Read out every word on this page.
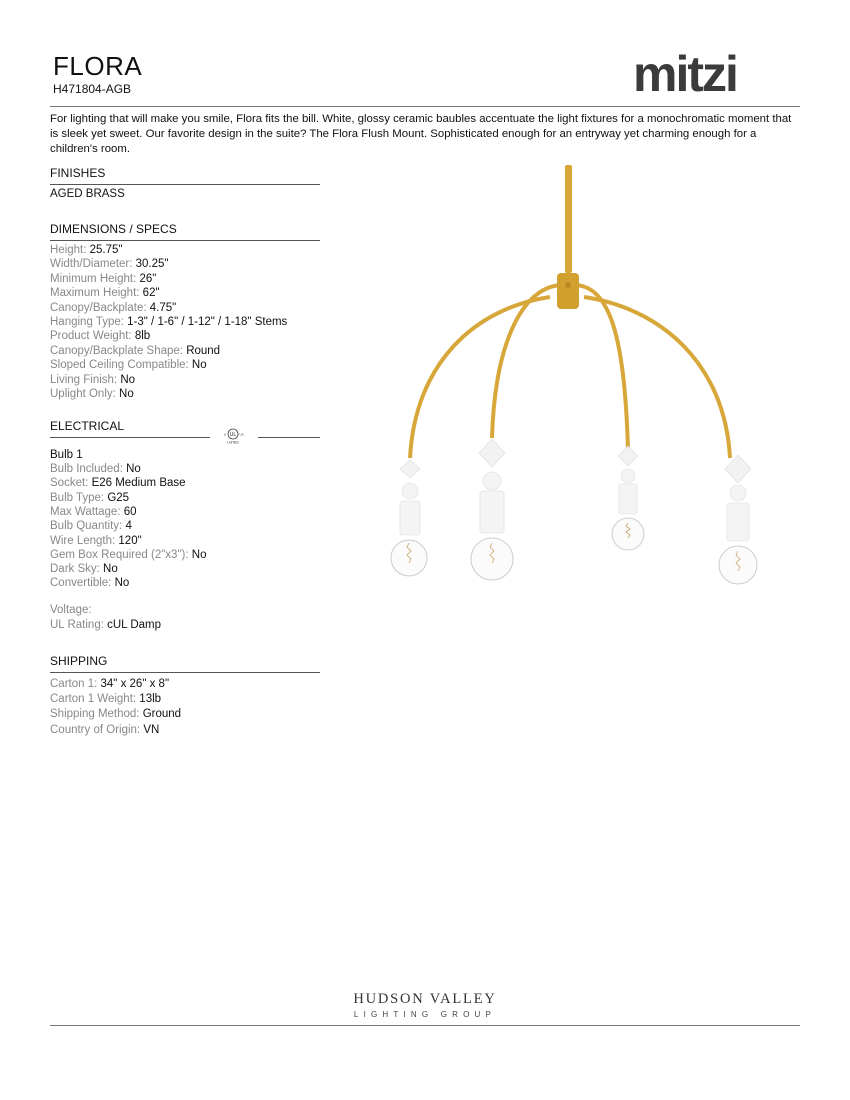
FLORA
H471804-AGB	mitzi
For lighting that will make you smile, Flora fits the bill. White, glossy ceramic baubles accentuate the light fixtures for a monochromatic moment that is sleek yet sweet. Our favorite design in the suite? The Flora Flush Mount. Sophisticated enough for an entryway yet charming enough for a children's room.
FINISHES
AGED BRASS
DIMENSIONS / SPECS
Height: 25.75"
Width/Diameter: 30.25"
Minimum Height: 26"
Maximum Height: 62"
Canopy/Backplate: 4.75"
Hanging Type: 1-3" / 1-6" / 1-12" / 1-18" Stems
Product Weight: 8lb
Canopy/Backplate Shape: Round
Sloped Ceiling Compatible: No
Living Finish: No
Uplight Only: No
ELECTRICAL
UL
c	US
LISTED
Bulb 1
Bulb Included: No
Socket: E26 Medium Base
Bulb Type: G25
Max Wattage: 60
Bulb Quantity: 4
Wire Length: 120"
Gem Box Required (2"x3"): No
Dark Sky: No
Convertible: No
Voltage:
UL Rating: cUL Damp
SHIPPING
Carton 1: 34" x 26" x 8"
Carton 1 Weight: 13lb
Shipping Method: Ground
Country of Origin: VN
HUDSON VALLEY
LIGHTING GROUP
